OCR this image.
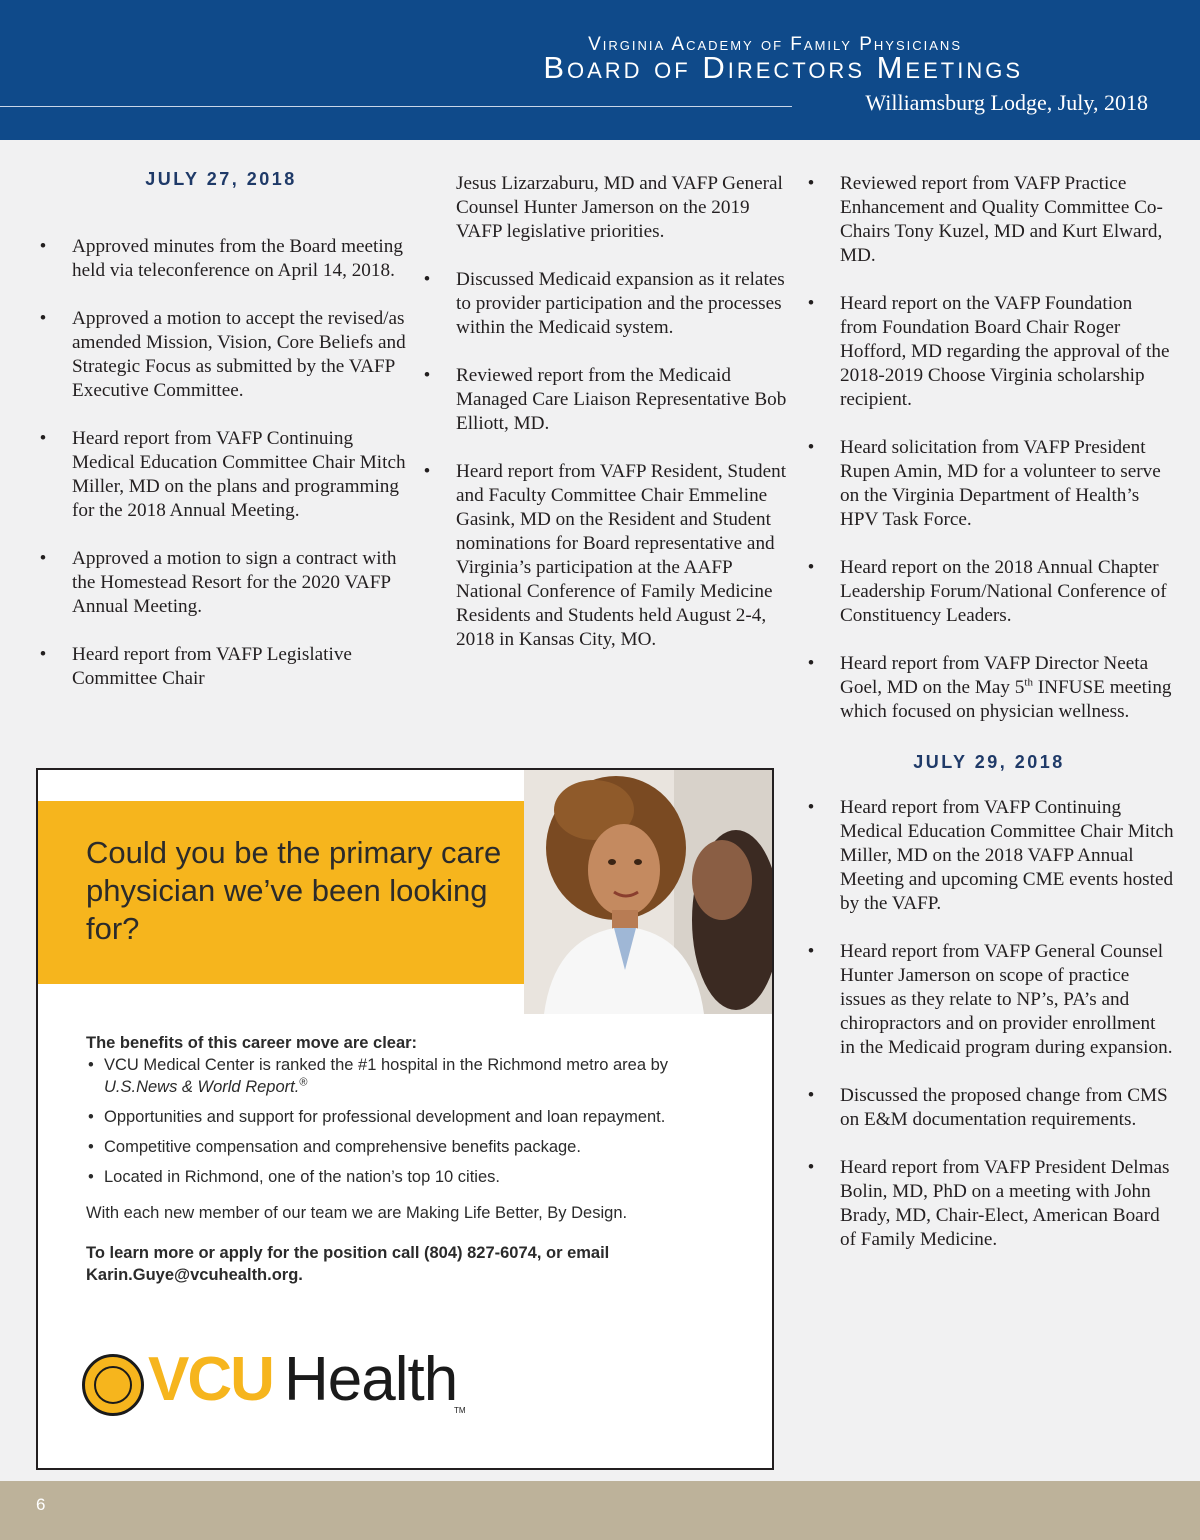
Virginia Academy of Family Physicians
Board of Directors Meetings
Williamsburg Lodge, July, 2018
JULY 27, 2018
• Approved minutes from the Board meeting held via teleconference on April 14, 2018.
• Approved a motion to accept the revised/as amended Mission, Vision, Core Beliefs and Strategic Focus as submitted by the VAFP Executive Committee.
• Heard report from VAFP Continuing Medical Education Committee Chair Mitch Miller, MD on the plans and programming for the 2018 Annual Meeting.
• Approved a motion to sign a contract with the Homestead Resort for the 2020 VAFP Annual Meeting.
• Heard report from VAFP Legislative Committee Chair
Jesus Lizarzaburu, MD and VAFP General Counsel Hunter Jamerson on the 2019 VAFP legislative priorities.
• Discussed Medicaid expansion as it relates to provider participation and the processes within the Medicaid system.
• Reviewed report from the Medicaid Managed Care Liaison Representative Bob Elliott, MD.
• Heard report from VAFP Resident, Student and Faculty Committee Chair Emmeline Gasink, MD on the Resident and Student nominations for Board representative and Virginia’s participation at the AAFP National Conference of Family Medicine Residents and Students held August 2-4, 2018 in Kansas City, MO.
• Reviewed report from VAFP Practice Enhancement and Quality Committee Co-Chairs Tony Kuzel, MD and Kurt Elward, MD.
• Heard report on the VAFP Foundation from Foundation Board Chair Roger Hofford, MD regarding the approval of the 2018-2019 Choose Virginia scholarship recipient.
• Heard solicitation from VAFP President Rupen Amin, MD for a volunteer to serve on the Virginia Department of Health’s HPV Task Force.
• Heard report on the 2018 Annual Chapter Leadership Forum/National Conference of Constituency Leaders.
• Heard report from VAFP Director Neeta Goel, MD on the May 5th INFUSE meeting which focused on physician wellness.
JULY 29, 2018
• Heard report from VAFP Continuing Medical Education Committee Chair Mitch Miller, MD on the 2018 VAFP Annual Meeting and upcoming CME events hosted by the VAFP.
• Heard report from VAFP General Counsel Hunter Jamerson on scope of practice issues as they relate to NP’s, PA’s and chiropractors and on provider enrollment in the Medicaid program during expansion.
• Discussed the proposed change from CMS on E&M documentation requirements.
• Heard report from VAFP President Delmas Bolin, MD, PhD on a meeting with John Brady, MD, Chair-Elect, American Board of Family Medicine.
Could you be the primary care physician we’ve been looking for?
The benefits of this career move are clear:
• VCU Medical Center is ranked the #1 hospital in the Richmond metro area by U.S.News & World Report.®
• Opportunities and support for professional development and loan repayment.
• Competitive compensation and comprehensive benefits package.
• Located in Richmond, one of the nation’s top 10 cities.
With each new member of our team we are Making Life Better, By Design.
To learn more or apply for the position call (804) 827-6074, or email Karin.Guye@vcuhealth.org.
VCU Health
TM
6
